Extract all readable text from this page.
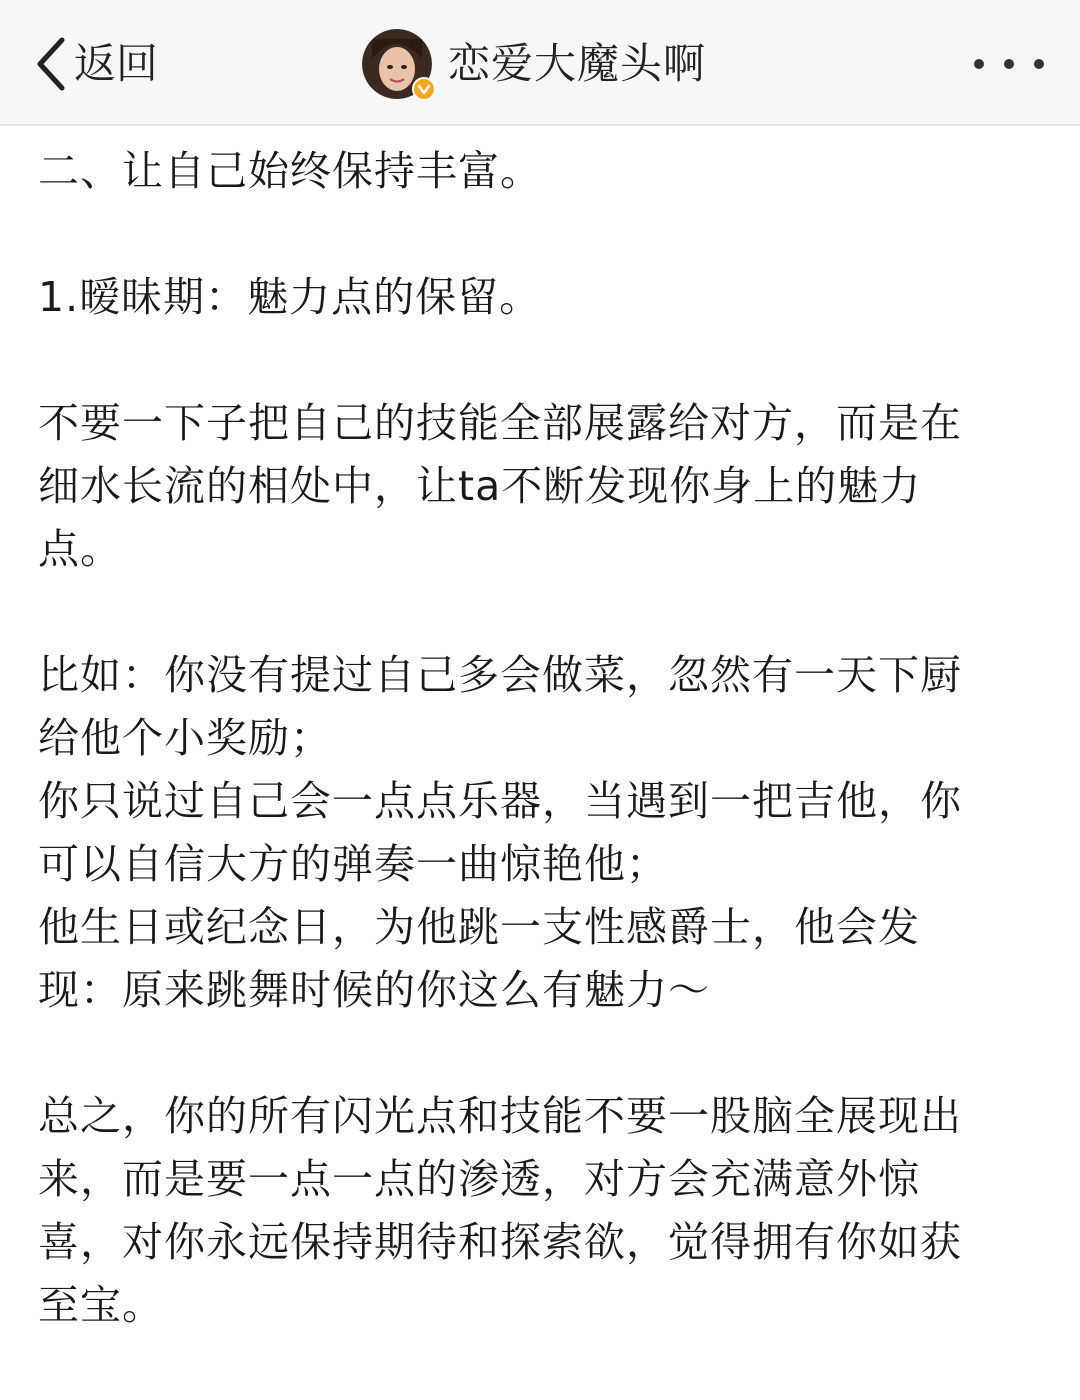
返回	恋爱大魔头啊

二、让自己始终保持丰富。

1.暧昧期：魅力点的保留。

不要一下子把自己的技能全部展露给对方，而是在
细水长流的相处中，让ta不断发现你身上的魅力
点。

比如：你没有提过自己多会做菜，忽然有一天下厨
给他个小奖励；
你只说过自己会一点点乐器，当遇到一把吉他，你
可以自信大方的弹奏一曲惊艳他；
他生日或纪念日，为他跳一支性感爵士，他会发
现：原来跳舞时候的你这么有魅力～

总之，你的所有闪光点和技能不要一股脑全展现出
来，而是要一点一点的渗透，对方会充满意外惊
喜，对你永远保持期待和探索欲，觉得拥有你如获
至宝。
